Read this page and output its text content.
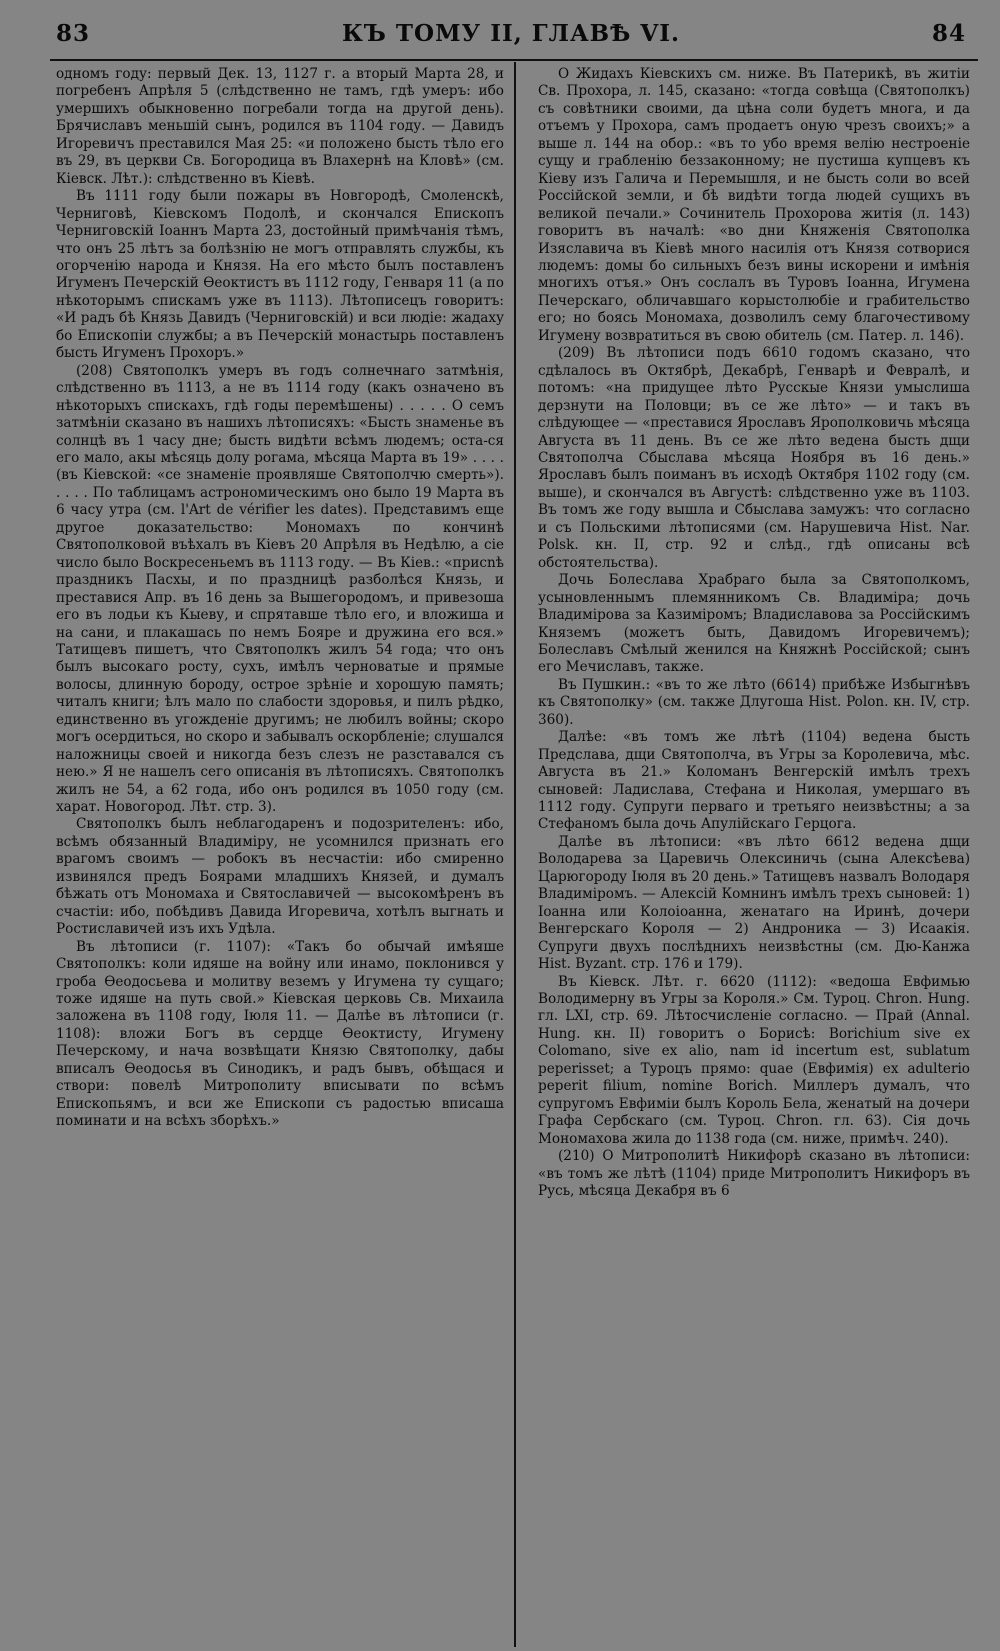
83	КЪ ТОМУ II, ГЛАВѢ VI.	84

однoмъ году: первый Дек. 13, 1127 г. а вторый Марта 28, и погребенъ Апрѣля 5 (слѣдственно не тамъ, гдѣ умеръ: ибо умершихъ обыкновенно погребали тогда на другой день). Брячиславъ меньшій сынъ, родился въ 1104 году. — Давидъ Игоревичъ преставился Мая 25: «и положено бысть тѣло его въ 29, въ церкви Св. Богородица въ Влахернѣ на Кловѣ» (см. Кіевск. Лѣт.): слѣдственно въ Кіевѣ.

Въ 1111 году были пожары въ Новгородѣ, Смоленскѣ, Черниговѣ, Кіевскомъ Подолѣ, и скончался Епископъ Черниговскій Іоаннъ Марта 23, достойный примѣчанія тѣмъ, что онъ 25 лѣтъ за болѣзнію не могъ отправлять службы, къ огорченію народа и Князя. На его мѣсто былъ поставленъ Игуменъ Печерскій Ѳеоктистъ въ 1112 году, Генваря 11 (а по нѣкоторымъ спискамъ уже въ 1113). Лѣтописецъ говоритъ: «И радъ бѣ Князь Давидъ (Черниговскій) и вси людіе: жадаху бо Епископіи службы; а въ Печерскій монастырь поставленъ бысть Игуменъ Прохоръ.»

(208) Святополкъ умеръ въ годъ солнечнаго затмѣнія, слѣдственно въ 1113, а не въ 1114 году (какъ означено въ нѣкоторыхъ спискахъ, гдѣ годы перемѣшены) . . . . . О семъ затмѣніи сказано въ нашихъ лѣтописяхъ: «Бысть знаменье въ солнцѣ въ 1 часу дне; бысть видѣти всѣмъ людемъ; оста-ся его мало, акы мѣсяць долу рогама, мѣсяца Марта въ 19» . . . . (въ Кіевской: «се знаменіе проявляше Святополчю смерть»). . . . . По таблицамъ астрономическимъ оно было 19 Марта въ 6 часу утра (см. l'Art de vérifier les dates). Представимъ еще другое доказательство: Мономахъ по кончинѣ Святополковой въѣхалъ въ Кіевъ 20 Апрѣля въ Недѣлю, а сіе число было Воскресеньемъ въ 1113 году. — Въ Кіев.: «присnѣ праздникъ Пасхы, и по праздницѣ разболѣся Князь, и преставися Апр. въ 16 день за Вышегородомъ, и привезоша его въ лодьи къ Кыеву, и спрятавше тѣло его, и вложиша и на сани, и плакашась по немъ Бояре и дружина его вся.» Татищевъ пишетъ, что Святополкъ жилъ 54 года; что онъ былъ высокаго росту, сухъ, имѣлъ черноватые и прямые волосы, длинную бороду, острое зрѣніе и хорошую память; читалъ книги; ѣлъ мало по слабости здоровья, и пилъ рѣдко, единственно въ угожденіе другимъ; не любилъ войны; скоро могъ осердиться, но скоро и забывалъ оскорбленіе; слушался наложницы своей и никогда безъ слезъ не разставался съ нею.» Я не нашелъ сего описанія въ лѣтописяхъ. Святополкъ жилъ не 54, а 62 года, ибо онъ родился въ 1050 году (см. харат. Новогород. Лѣт. стр. 3).

Святополкъ былъ неблагодаренъ и подозрителенъ: ибо, всѣмъ обязанный Владиміру, не усомнился признать его врагомъ своимъ — робокъ въ несчастіи: ибо смиренно извинялся предъ Боярами младшихъ Князей, и думалъ бѣжать отъ Мономаха и Святославичей — высокомѣренъ въ счастіи: ибо, побѣдивъ Давида Игоревича, хотѣлъ выгнать и Ростиславичей изъ ихъ Удѣла.

Въ лѣтописи (г. 1107): «Такъ бо обычай имѣяше Святополкъ: коли идяше на войну или инамо, поклонився у гроба Ѳеодосьева и молитву веземъ у Игумена ту сущаго; тоже идяше на путь свой.» Кіевская церковь Св. Михаила заложена въ 1108 году, Іюля 11. — Далѣе въ лѣтописи (г. 1108): вложи Богъ въ сердце Ѳеоктисту, Игумену Печерскому, и нача возвѣщати Князю Святополку, дабы вписалъ Ѳеодосья въ Синодикъ, и радъ бывъ, обѣщася и створи: повелѣ Митрополиту вписывати по всѣмъ Епископьямъ, и вси же Епископи съ радостью вписаша поминати и на всѣхъ зборѣхъ.»

О Жидахъ Кіевскихъ см. ниже. Въ Патерикѣ, въ житіи Св. Прохора, л. 145, сказано: «тогда совѣща (Святополкъ) съ совѣтники своими, да цѣна соли будетъ многа, и да отъемъ у Прохора, самъ продаетъ оную чрезъ своихъ;» а выше л. 144 на обор.: «въ то убо время велію нестроеніе сущу и грабленію беззаконному; не пустиша купцевъ къ Кіеву изъ Галича и Перемышля, и не бысть соли во всей Россійской земли, и бѣ видѣти тогда людей сущихъ въ великой печали.» Сочинитель Прохорова житія (л. 143) говоритъ въ началѣ: «во дни Княженія Святополка Изяславича въ Кіевѣ много насилія отъ Князя сотворися людемъ: домы бо сильныхъ безъ вины искорени и имѣнія многихъ отъя.» Онъ сослалъ въ Туровъ Іоанна, Игумена Печерскаго, обличавшаго корыстолюбіе и грабительство его; но боясь Мономаха, дозволилъ сему благочестивому Игумену возвратиться въ свою обитель (см. Патер. л. 146).

(209) Въ лѣтописи подъ 6610 годомъ сказано, что сдѣлалось въ Октябрѣ, Декабрѣ, Генварѣ и Февралѣ, и потомъ: «на придущее лѣто Русскые Князи умыслиша дерзнути на Половци; въ се же лѣто» — и такъ въ слѣдующее — «преставися Ярославъ Ярополковичь мѣсяца Августа въ 11 день. Въ се же лѣто ведена бысть дщи Святополча Сбыслава мѣсяца Ноября въ 16 день.» Ярославъ былъ поиманъ въ исходѣ Октября 1102 году (см. выше), и скончался въ Августѣ: слѣдственно уже въ 1103. Въ томъ же году вышла и Сбыслава замужъ: что согласно и съ Польскими лѣтописями (см. Нарушевича Hist. Nar. Polsk. кн. II, стр. 92 и слѣд., гдѣ описаны всѣ обстоятельства).

Дочь Болеслава Храбраго была за Святополкомъ, усыновленнымъ племянникомъ Св. Владиміра; дочь Владимірова за Казиміромъ; Владиславова за Россійскимъ Княземъ (можетъ быть, Давидомъ Игоревичемъ); Болеславъ Смѣлый женился на Княжнѣ Россійской; сынъ его Мечиславъ, также.

Въ Пушкин.: «въ то же лѣто (6614) прибѣже Избыгнѣвъ къ Святополку» (см. также Длугоша Hist. Polon. кн. IV, стр. 360).

Далѣе: «въ томъ же лѣтѣ (1104) ведена бысть Предслава, дщи Святополча, въ Угры за Королевича, мѣс. Августа въ 21.» Коломанъ Венгерскій имѣлъ трехъ сыновей: Ладислава, Стефана и Николая, умершаго въ 1112 году. Супруги перваго и третьяго неизвѣстны; а за Стефаномъ была дочь Апулійскаго Герцога.

Далѣе въ лѣтописи: «въ лѣто 6612 ведена дщи Володарева за Царевичь Олексиничь (сына Алексѣева) Царюгороду Іюля въ 20 день.» Татищевъ назвалъ Володаря Владиміромъ. — Алексій Комнинъ имѣлъ трехъ сыновей: 1) Іоанна или Колоіоанна, женатаго на Иринѣ, дочери Венгерскаго Короля — 2) Андроника — 3) Исаакія. Супруги двухъ послѣднихъ неизвѣстны (см. Дю-Канжа Hist. Byzant. стр. 176 и 179).

Въ Кіевск. Лѣт. г. 6620 (1112): «ведоша Евфимью Володимерну въ Угры за Короля.» См. Туроц. Chron. Hung. гл. LXI, стр. 69. Лѣтосчисленіе согласно. — Прай (Annal. Hung. кн. II) говоритъ о Борисѣ: Borichium sive ex Colomano, sive ex alio, nam id incertum est, sublatum peperisset; а Туроцъ прямо: quae (Евфимія) ex adulterio peperit filium, nomine Borich. Миллеръ думалъ, что супругомъ Евфиміи былъ Король Бела, женатый на дочери Графа Сербскаго (см. Туроц. Chron. гл. 63). Сія дочь Мономахова жила до 1138 года (см. ниже, примѣч. 240).

(210) О Митрополитѣ Никифорѣ сказано въ лѣтописи: «въ томъ же лѣтѣ (1104) приде Митрополитъ Никифоръ въ Русь, мѣсяца Декабря въ 6
